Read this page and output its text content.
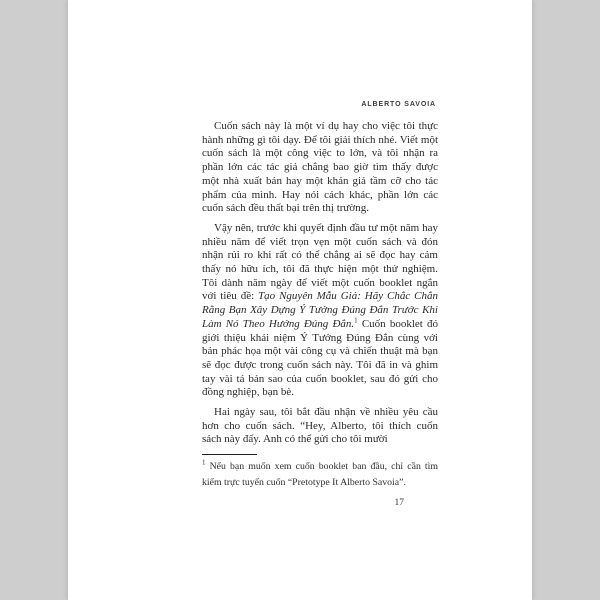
ALBERTO SAVOIA

Cuốn sách này là một ví dụ hay cho việc tôi thực hành những gì tôi dạy. Để tôi giải thích nhé. Viết một cuốn sách là một công việc to lớn, và tôi nhận ra phần lớn các tác giả chẳng bao giờ tìm thấy được một nhà xuất bản hay một khán giả tầm cỡ cho tác phẩm của mình. Hay nói cách khác, phần lớn các cuốn sách đều thất bại trên thị trường.

Vậy nên, trước khi quyết định đầu tư một năm hay nhiều năm để viết trọn vẹn một cuốn sách và đón nhận rủi ro khi rất có thể chẳng ai sẽ đọc hay cảm thấy nó hữu ích, tôi đã thực hiện một thử nghiệm. Tôi dành năm ngày để viết một cuốn booklet ngắn với tiêu đề: Tạo Nguyên Mẫu Giả: Hãy Chắc Chắn Rằng Bạn Xây Dựng Ý Tưởng Đúng Đắn Trước Khi Làm Nó Theo Hướng Đúng Đắn.$^1$ Cuốn booklet đó giới thiệu khái niệm Ý Tưởng Đúng Đắn cùng với bản phác họa một vài công cụ và chiến thuật mà bạn sẽ đọc được trong cuốn sách này. Tôi đã in và ghim tay vài tá bản sao của cuốn booklet, sau đó gửi cho đồng nghiệp, bạn bè.

Hai ngày sau, tôi bắt đầu nhận về nhiều yêu cầu hơn cho cuốn sách. “Hey, Alberto, tôi thích cuốn sách này đấy. Anh có thể gửi cho tôi mười

$^1$ Nếu bạn muốn xem cuốn booklet ban đầu, chỉ cần tìm kiếm trực tuyến cuốn “Pretotype It Alberto Savoia”.
17
